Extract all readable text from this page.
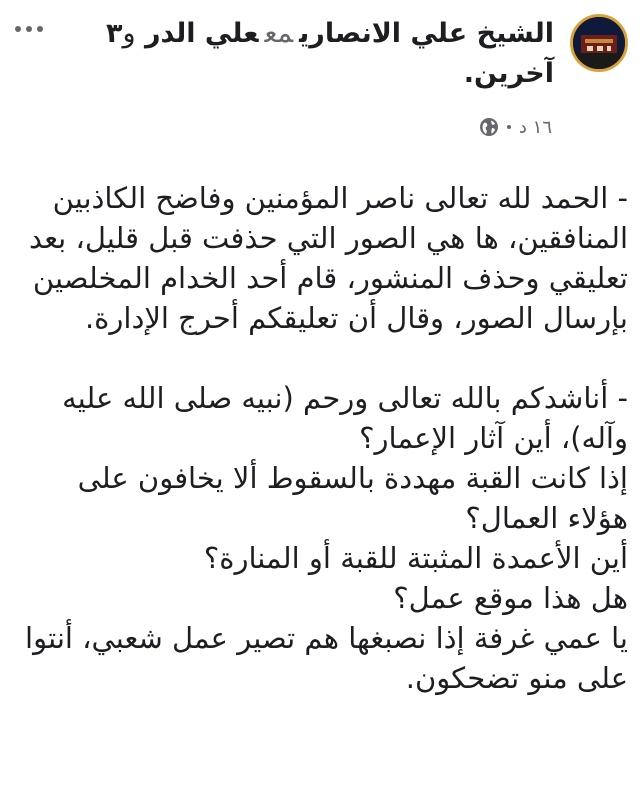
الشيخ علي الانصاريمععلي الدر و٣
آخرين.
١٦ د

- الحمد لله تعالى ناصر المؤمنين وفاضح الكاذبين المنافقين، ها هي الصور التي حذفت قبل قليل، بعد تعليقي وحذف المنشور، قام أحد الخدام المخلصين بإرسال الصور، وقال أن تعليقكم أحرج الإدارة.

- أناشدكم بالله تعالى ورحم (نبيه صلى الله عليه وآله)، أين آثار الإعمار؟

إذا كانت القبة مهددة بالسقوط ألا يخافون على هؤلاء العمال؟

أين الأعمدة المثبتة للقبة أو المنارة؟

هل هذا موقع عمل؟

يا عمي غرفة إذا نصبغها هم تصير عمل شعبي، أنتوا على منو تضحكون.
